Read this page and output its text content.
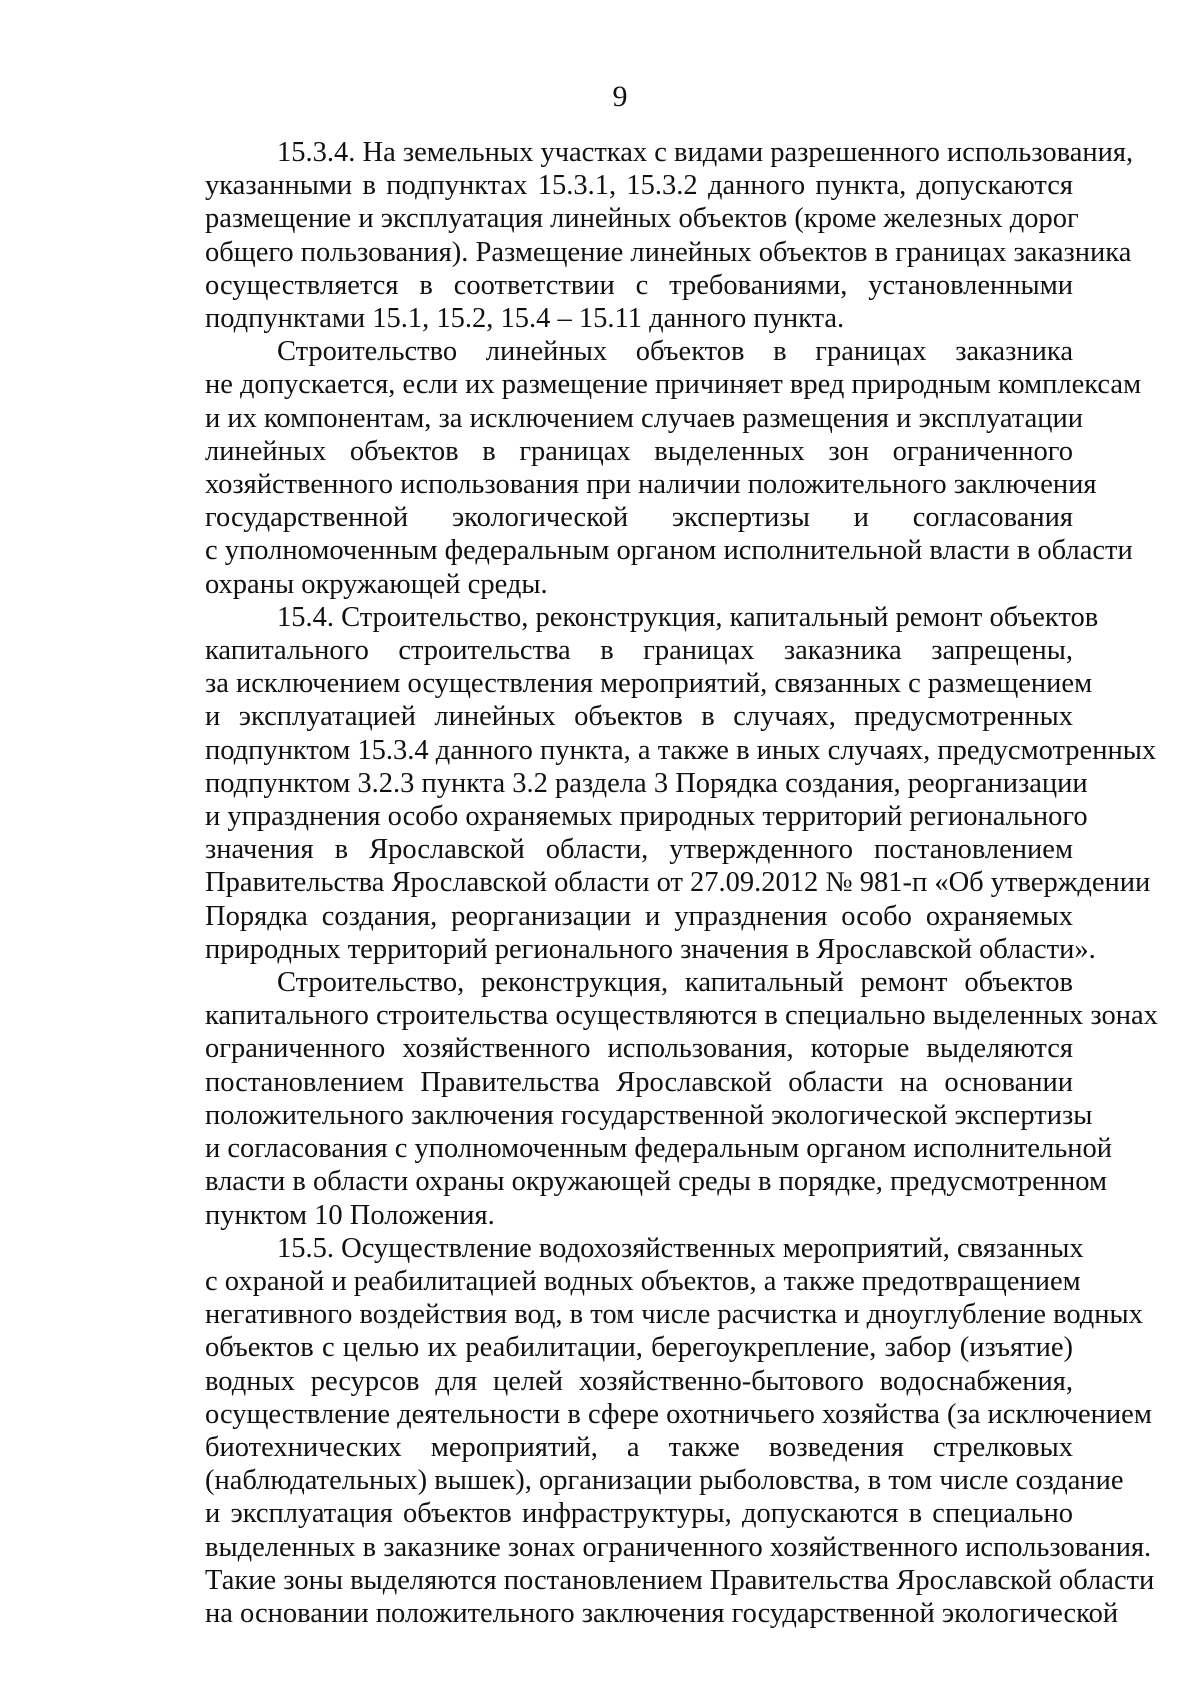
9
15.3.4. На земельных участках с видами разрешенного использования,
указанными в подпунктах 15.3.1, 15.3.2 данного пункта, допускаются
размещение и эксплуатация линейных объектов (кроме железных дорог
общего пользования). Размещение линейных объектов в границах заказника
осуществляется в соответствии с требованиями, установленными
подпунктами 15.1, 15.2, 15.4 – 15.11 данного пункта.
Строительство линейных объектов в границах заказника
не допускается, если их размещение причиняет вред природным комплексам
и их компонентам, за исключением случаев размещения и эксплуатации
линейных объектов в границах выделенных зон ограниченного
хозяйственного использования при наличии положительного заключения
государственной экологической экспертизы и согласования
с уполномоченным федеральным органом исполнительной власти в области
охраны окружающей среды.
15.4. Строительство, реконструкция, капитальный ремонт объектов
капитального строительства в границах заказника запрещены,
за исключением осуществления мероприятий, связанных с размещением
и эксплуатацией линейных объектов в случаях, предусмотренных
подпунктом 15.3.4 данного пункта, а также в иных случаях, предусмотренных
подпунктом 3.2.3 пункта 3.2 раздела 3 Порядка создания, реорганизации
и упразднения особо охраняемых природных территорий регионального
значения в Ярославской области, утвержденного постановлением
Правительства Ярославской области от 27.09.2012 № 981-п «Об утверждении
Порядка создания, реорганизации и упразднения особо охраняемых
природных территорий регионального значения в Ярославской области».
Строительство, реконструкция, капитальный ремонт объектов
капитального строительства осуществляются в специально выделенных зонах
ограниченного хозяйственного использования, которые выделяются
постановлением Правительства Ярославской области на основании
положительного заключения государственной экологической экспертизы
и согласования с уполномоченным федеральным органом исполнительной
власти в области охраны окружающей среды в порядке, предусмотренном
пунктом 10 Положения.
15.5. Осуществление водохозяйственных мероприятий, связанных
с охраной и реабилитацией водных объектов, а также предотвращением
негативного воздействия вод, в том числе расчистка и дноуглубление водных
объектов с целью их реабилитации, берегоукрепление, забор (изъятие)
водных ресурсов для целей хозяйственно-бытового водоснабжения,
осуществление деятельности в сфере охотничьего хозяйства (за исключением
биотехнических мероприятий, а также возведения стрелковых
(наблюдательных) вышек), организации рыболовства, в том числе создание
и эксплуатация объектов инфраструктуры, допускаются в специально
выделенных в заказнике зонах ограниченного хозяйственного использования.
Такие зоны выделяются постановлением Правительства Ярославской области
на основании положительного заключения государственной экологической
